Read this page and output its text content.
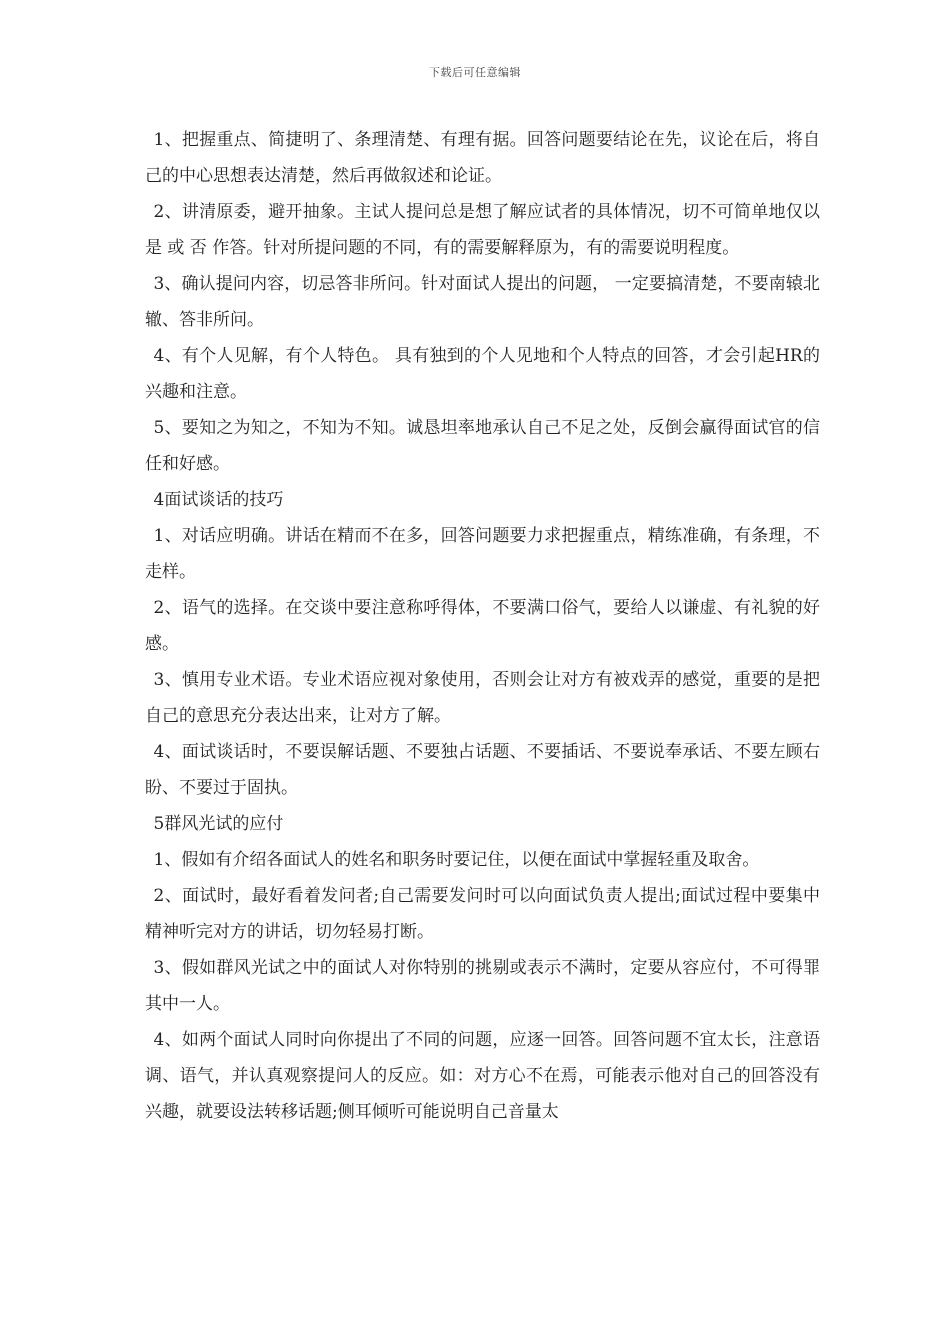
下载后可任意编辑

1、把握重点、简捷明了、条理清楚、有理有据。回答问题要结论在先，议论在后，将自己的中心思想表达清楚，然后再做叙述和论证。

2、讲清原委，避开抽象。主试人提问总是想了解应试者的具体情况，切不可简单地仅以 是 或 否 作答。针对所提问题的不同，有的需要解释原为，有的需要说明程度。

3、确认提问内容，切忌答非所问。针对面试人提出的问题， 一定要搞清楚，不要南辕北辙、答非所问。

4、有个人见解，有个人特色。 具有独到的个人见地和个人特点的回答，才会引起HR的兴趣和注意。

5、要知之为知之，不知为不知。诚恳坦率地承认自己不足之处，反倒会赢得面试官的信任和好感。

4面试谈话的技巧

1、对话应明确。讲话在精而不在多，回答问题要力求把握重点，精练准确，有条理，不走样。

2、语气的选择。在交谈中要注意称呼得体，不要满口俗气，要给人以谦虚、有礼貌的好感。

3、慎用专业术语。专业术语应视对象使用，否则会让对方有被戏弄的感觉，重要的是把自己的意思充分表达出来，让对方了解。

4、面试谈话时，不要误解话题、不要独占话题、不要插话、不要说奉承话、不要左顾右盼、不要过于固执。

5群风光试的应付

1、假如有介绍各面试人的姓名和职务时要记住，以便在面试中掌握轻重及取舍。

2、面试时，最好看着发问者;自己需要发问时可以向面试负责人提出;面试过程中要集中精神听完对方的讲话，切勿轻易打断。

3、假如群风光试之中的面试人对你特别的挑剔或表示不满时，定要从容应付，不可得罪其中一人。

4、如两个面试人同时向你提出了不同的问题，应逐一回答。回答问题不宜太长，注意语调、语气，并认真观察提问人的反应。如：对方心不在焉，可能表示他对自己的回答没有兴趣，就要设法转移话题;侧耳倾听可能说明自己音量太
